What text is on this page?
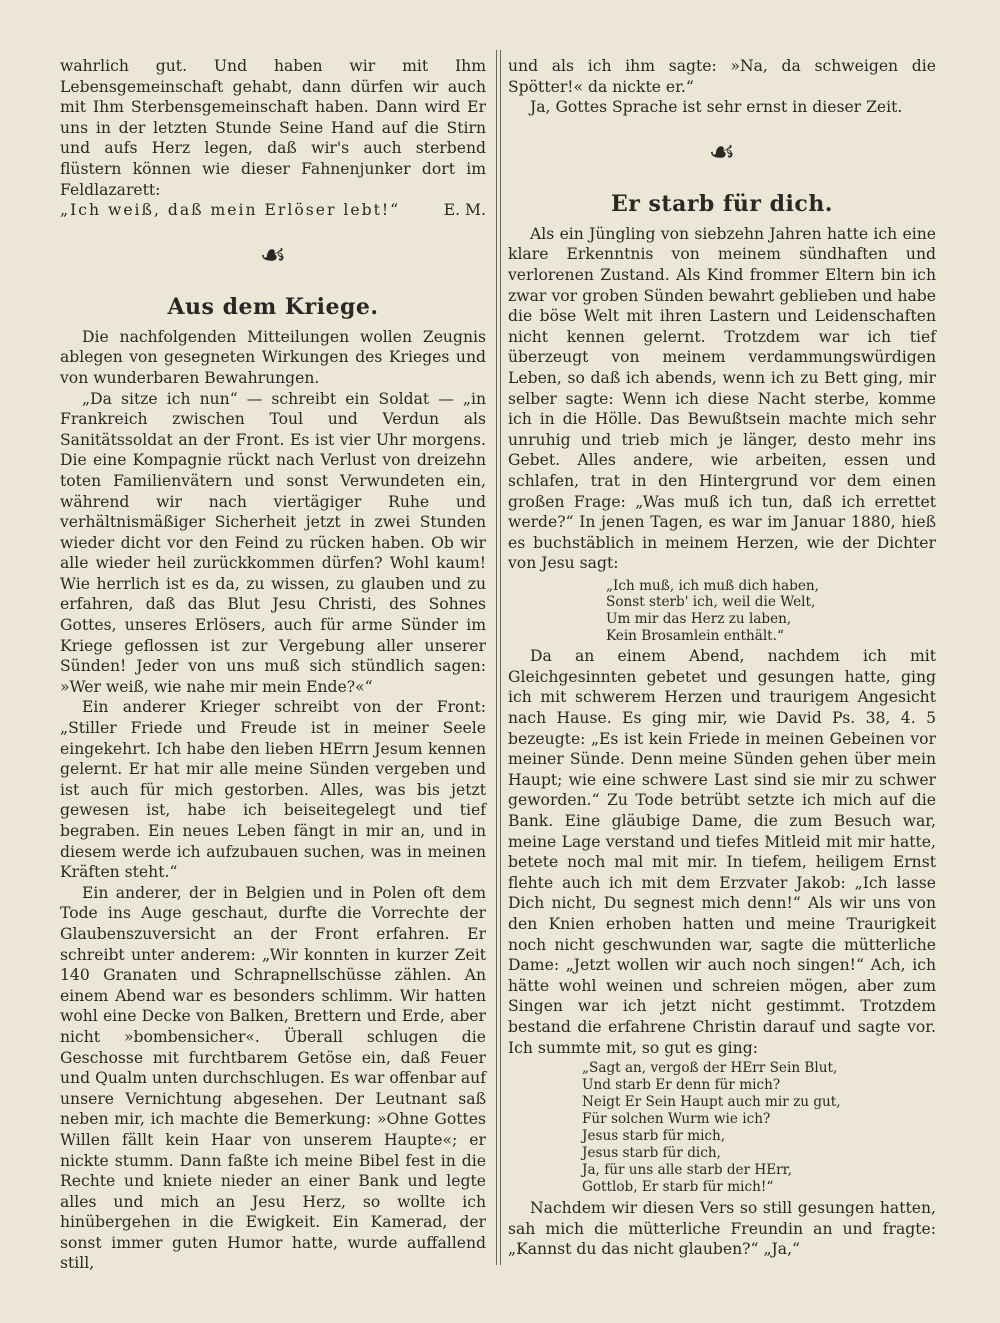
wahrlich gut. Und haben wir mit Ihm Lebensgemeinschaft gehabt, dann dürfen wir auch mit Ihm Sterbensgemeinschaft haben. Dann wird Er uns in der letzten Stunde Seine Hand auf die Stirn und aufs Herz legen, daß wir's auch sterbend flüstern können wie dieser Fahnenjunker dort im Feldlazarett:

„Ich weiß, daß mein Erlöser lebt!“	E. M.

☙
Aus dem Kriege.

Die nachfolgenden Mitteilungen wollen Zeugnis ablegen von gesegneten Wirkungen des Krieges und von wunderbaren Bewahrungen.

„Da sitze ich nun“ — schreibt ein Soldat — „in Frankreich zwischen Toul und Verdun als Sanitätssoldat an der Front. Es ist vier Uhr morgens. Die eine Kompagnie rückt nach Verlust von dreizehn toten Familienvätern und sonst Verwundeten ein, während wir nach viertägiger Ruhe und verhältnismäßiger Sicherheit jetzt in zwei Stunden wieder dicht vor den Feind zu rücken haben. Ob wir alle wieder heil zurückkommen dürfen? Wohl kaum! Wie herrlich ist es da, zu wissen, zu glauben und zu erfahren, daß das Blut Jesu Christi, des Sohnes Gottes, unseres Erlösers, auch für arme Sünder im Kriege geflossen ist zur Vergebung aller unserer Sünden! Jeder von uns muß sich stündlich sagen: »Wer weiß, wie nahe mir mein Ende?«“

Ein anderer Krieger schreibt von der Front: „Stiller Friede und Freude ist in meiner Seele eingekehrt. Ich habe den lieben HErrn Jesum kennen gelernt. Er hat mir alle meine Sünden vergeben und ist auch für mich gestorben. Alles, was bis jetzt gewesen ist, habe ich beiseitegelegt und tief begraben. Ein neues Leben fängt in mir an, und in diesem werde ich aufzubauen suchen, was in meinen Kräften steht.“

Ein anderer, der in Belgien und in Polen oft dem Tode ins Auge geschaut, durfte die Vorrechte der Glaubenszuversicht an der Front erfahren. Er schreibt unter anderem: „Wir konnten in kurzer Zeit 140 Granaten und Schrapnellschüsse zählen. An einem Abend war es besonders schlimm. Wir hatten wohl eine Decke von Balken, Brettern und Erde, aber nicht »bombensicher«. Überall schlugen die Geschosse mit furchtbarem Getöse ein, daß Feuer und Qualm unten durchschlugen. Es war offenbar auf unsere Vernichtung abgesehen. Der Leutnant saß neben mir, ich machte die Bemerkung: »Ohne Gottes Willen fällt kein Haar von unserem Haupte«; er nickte stumm. Dann faßte ich meine Bibel fest in die Rechte und kniete nieder an einer Bank und legte alles und mich an Jesu Herz, so wollte ich hinübergehen in die Ewigkeit. Ein Kamerad, der sonst immer guten Humor hatte, wurde auffallend still,

und als ich ihm sagte: »Na, da schweigen die Spötter!« da nickte er.“

Ja, Gottes Sprache ist sehr ernst in dieser Zeit.

☙
Er starb für dich.

Als ein Jüngling von siebzehn Jahren hatte ich eine klare Erkenntnis von meinem sündhaften und verlorenen Zustand. Als Kind frommer Eltern bin ich zwar vor groben Sünden bewahrt geblieben und habe die böse Welt mit ihren Lastern und Leidenschaften nicht kennen gelernt. Trotzdem war ich tief überzeugt von meinem verdammungswürdigen Leben, so daß ich abends, wenn ich zu Bett ging, mir selber sagte: Wenn ich diese Nacht sterbe, komme ich in die Hölle. Das Bewußtsein machte mich sehr unruhig und trieb mich je länger, desto mehr ins Gebet. Alles andere, wie arbeiten, essen und schlafen, trat in den Hintergrund vor dem einen großen Frage: „Was muß ich tun, daß ich errettet werde?“ In jenen Tagen, es war im Januar 1880, hieß es buchstäblich in meinem Herzen, wie der Dichter von Jesu sagt:

„Ich muß, ich muß dich haben,
Sonst sterb' ich, weil die Welt,
Um mir das Herz zu laben,
Kein Brosamlein enthält.“

Da an einem Abend, nachdem ich mit Gleichgesinnten gebetet und gesungen hatte, ging ich mit schwerem Herzen und traurigem Angesicht nach Hause. Es ging mir, wie David Ps. 38, 4. 5 bezeugte: „Es ist kein Friede in meinen Gebeinen vor meiner Sünde. Denn meine Sünden gehen über mein Haupt; wie eine schwere Last sind sie mir zu schwer geworden.“ Zu Tode betrübt setzte ich mich auf die Bank. Eine gläubige Dame, die zum Besuch war, meine Lage verstand und tiefes Mitleid mit mir hatte, betete noch mal mit mir. In tiefem, heiligem Ernst flehte auch ich mit dem Erzvater Jakob: „Ich lasse Dich nicht, Du segnest mich denn!“ Als wir uns von den Knien erhoben hatten und meine Traurigkeit noch nicht geschwunden war, sagte die mütterliche Dame: „Jetzt wollen wir auch noch singen!“ Ach, ich hätte wohl weinen und schreien mögen, aber zum Singen war ich jetzt nicht gestimmt. Trotzdem bestand die erfahrene Christin darauf und sagte vor. Ich summte mit, so gut es ging:

„Sagt an, vergoß der HErr Sein Blut,
Und starb Er denn für mich?
Neigt Er Sein Haupt auch mir zu gut,
Für solchen Wurm wie ich?
Jesus starb für mich,
Jesus starb für dich,
Ja, für uns alle starb der HErr,
Gottlob, Er starb für mich!“

Nachdem wir diesen Vers so still gesungen hatten, sah mich die mütterliche Freundin an und fragte: „Kannst du das nicht glauben?“ „Ja,“
